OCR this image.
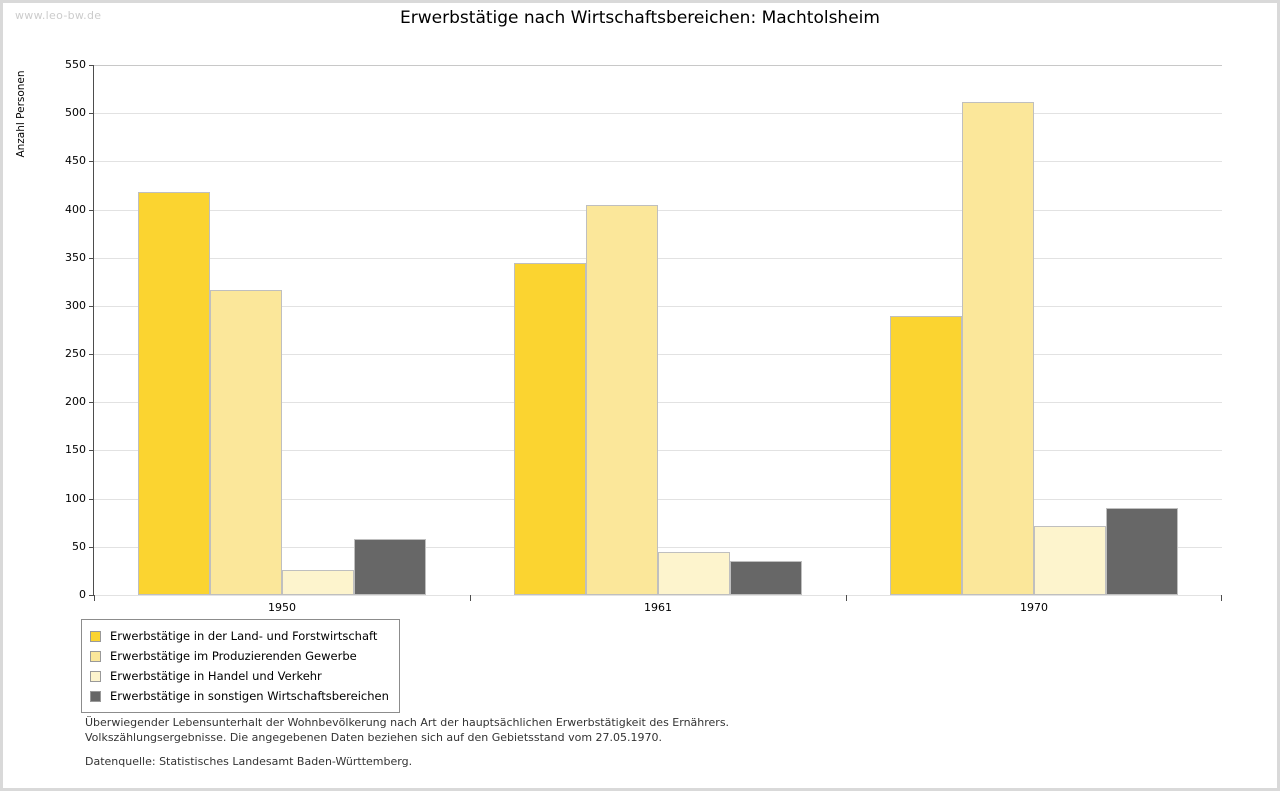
www.leo-bw.de	Erwerbstätige nach Wirtschaftsbereichen: Machtolsheim
Anzahl Personen
0
50
100
150
200
250
300
350
400
450
500
550
1950	1961	1970
Erwerbstätige in der Land- und Forstwirtschaft
Erwerbstätige im Produzierenden Gewerbe
Erwerbstätige in Handel und Verkehr
Erwerbstätige in sonstigen Wirtschaftsbereichen
Überwiegender Lebensunterhalt der Wohnbevölkerung nach Art der hauptsächlichen Erwerbstätigkeit des Ernährers.
Volkszählungsergebnisse. Die angegebenen Daten beziehen sich auf den Gebietsstand vom 27.05.1970.
Datenquelle: Statistisches Landesamt Baden-Württemberg.
